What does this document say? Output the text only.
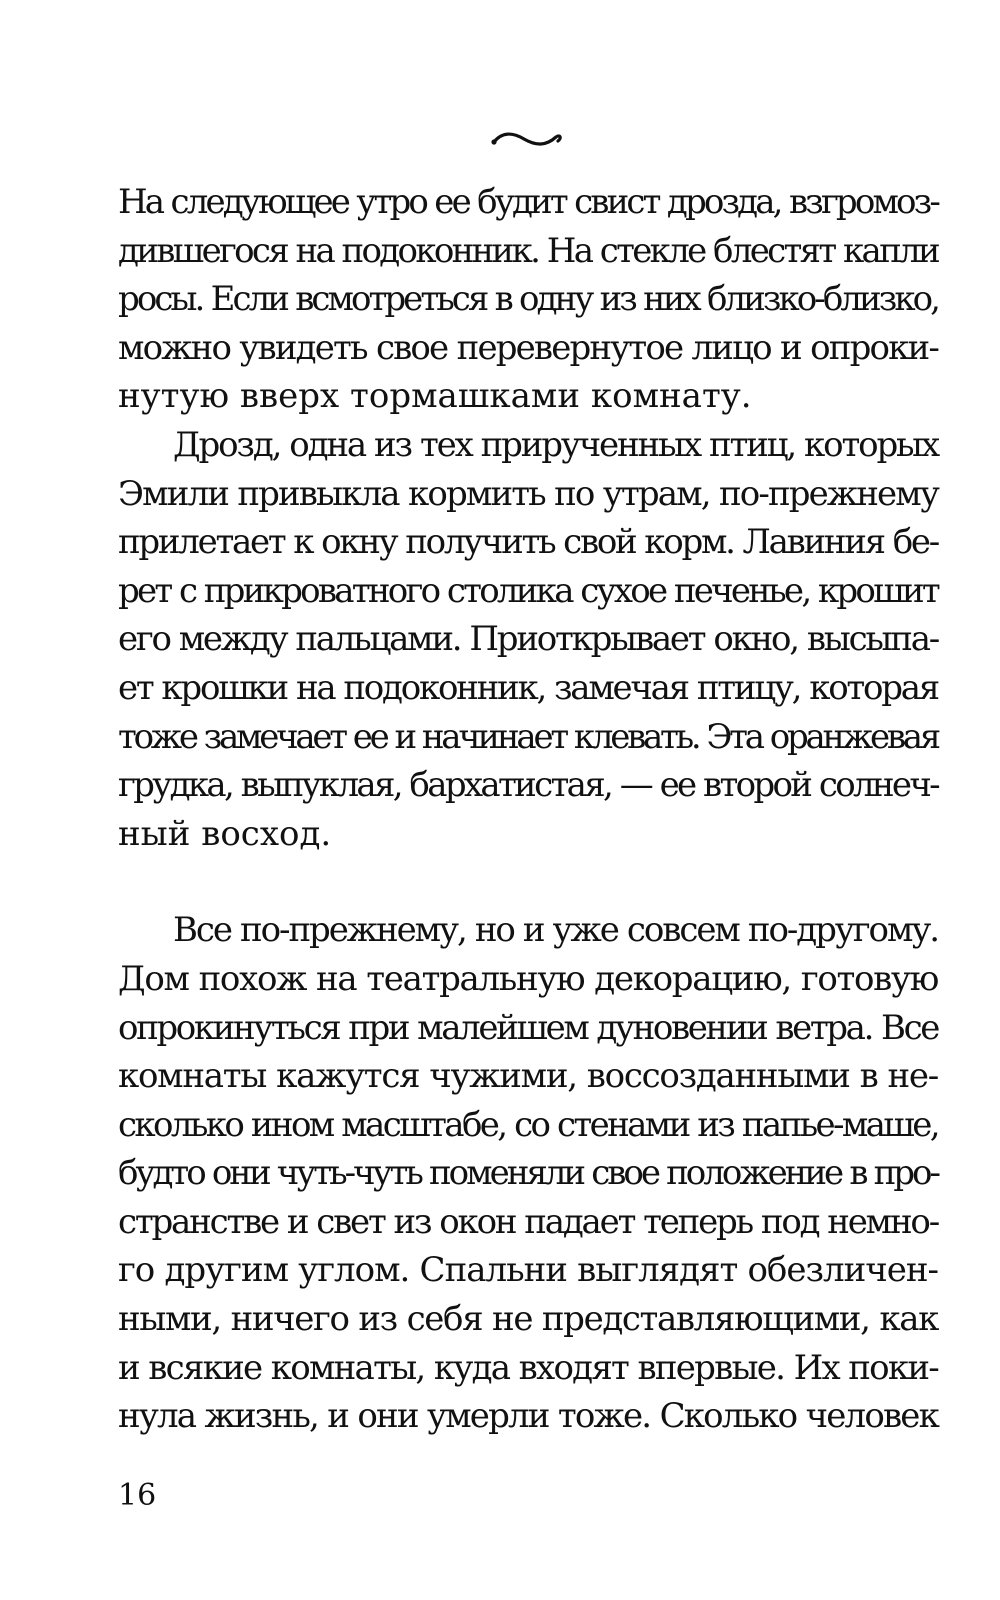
На следующее утро ее будит свист дрозда, взгромоз-
дившегося на подоконник. На стекле блестят капли
росы. Если всмотреться в одну из них близко-близко,
можно увидеть свое перевернутое лицо и опроки-
нутую вверх тормашками комнату.

Дрозд, одна из тех прирученных птиц, которых
Эмили привыкла кормить по утрам, по-прежнему
прилетает к окну получить свой корм. Лавиния бе-
рет с прикроватного столика сухое печенье, крошит
его между пальцами. Приоткрывает окно, высыпа-
ет крошки на подоконник, замечая птицу, которая
тоже замечает ее и начинает клевать. Эта оранжевая
грудка, выпуклая, бархатистая, — ее второй солнеч-
ный восход.

Все по-прежнему, но и уже совсем по-другому.
Дом похож на театральную декорацию, готовую
опрокинуться при малейшем дуновении ветра. Все
комнаты кажутся чужими, воссозданными в не-
сколько ином масштабе, со стенами из папье-маше,
будто они чуть-чуть поменяли свое положение в про-
странстве и свет из окон падает теперь под немно-
го другим углом. Спальни выглядят обезличен-
ными, ничего из себя не представляющими, как
и всякие комнаты, куда входят впервые. Их поки-
нула жизнь, и они умерли тоже. Сколько человек

16
